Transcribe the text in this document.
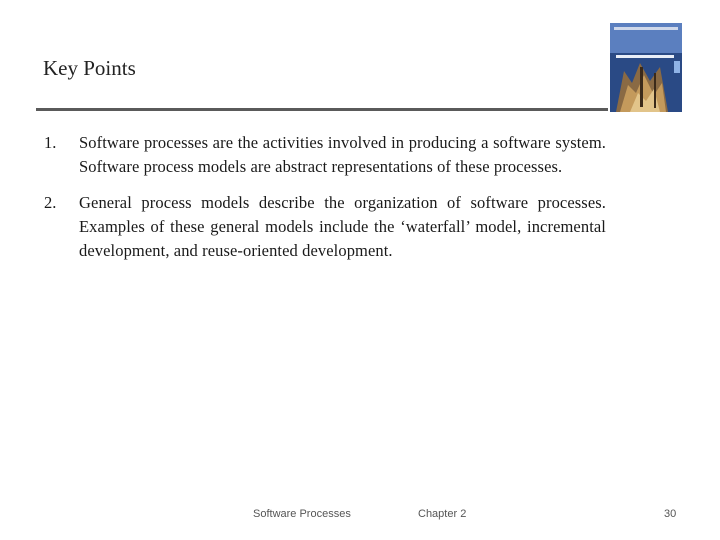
Key Points
1. Software processes are the activities involved in producing a software system. Software process models are abstract representations of these processes.
2. General process models describe the organization of software processes. Examples of these general models include the ‘waterfall’ model, incremental development, and reuse-oriented development.
Software Processes	Chapter 2	30
